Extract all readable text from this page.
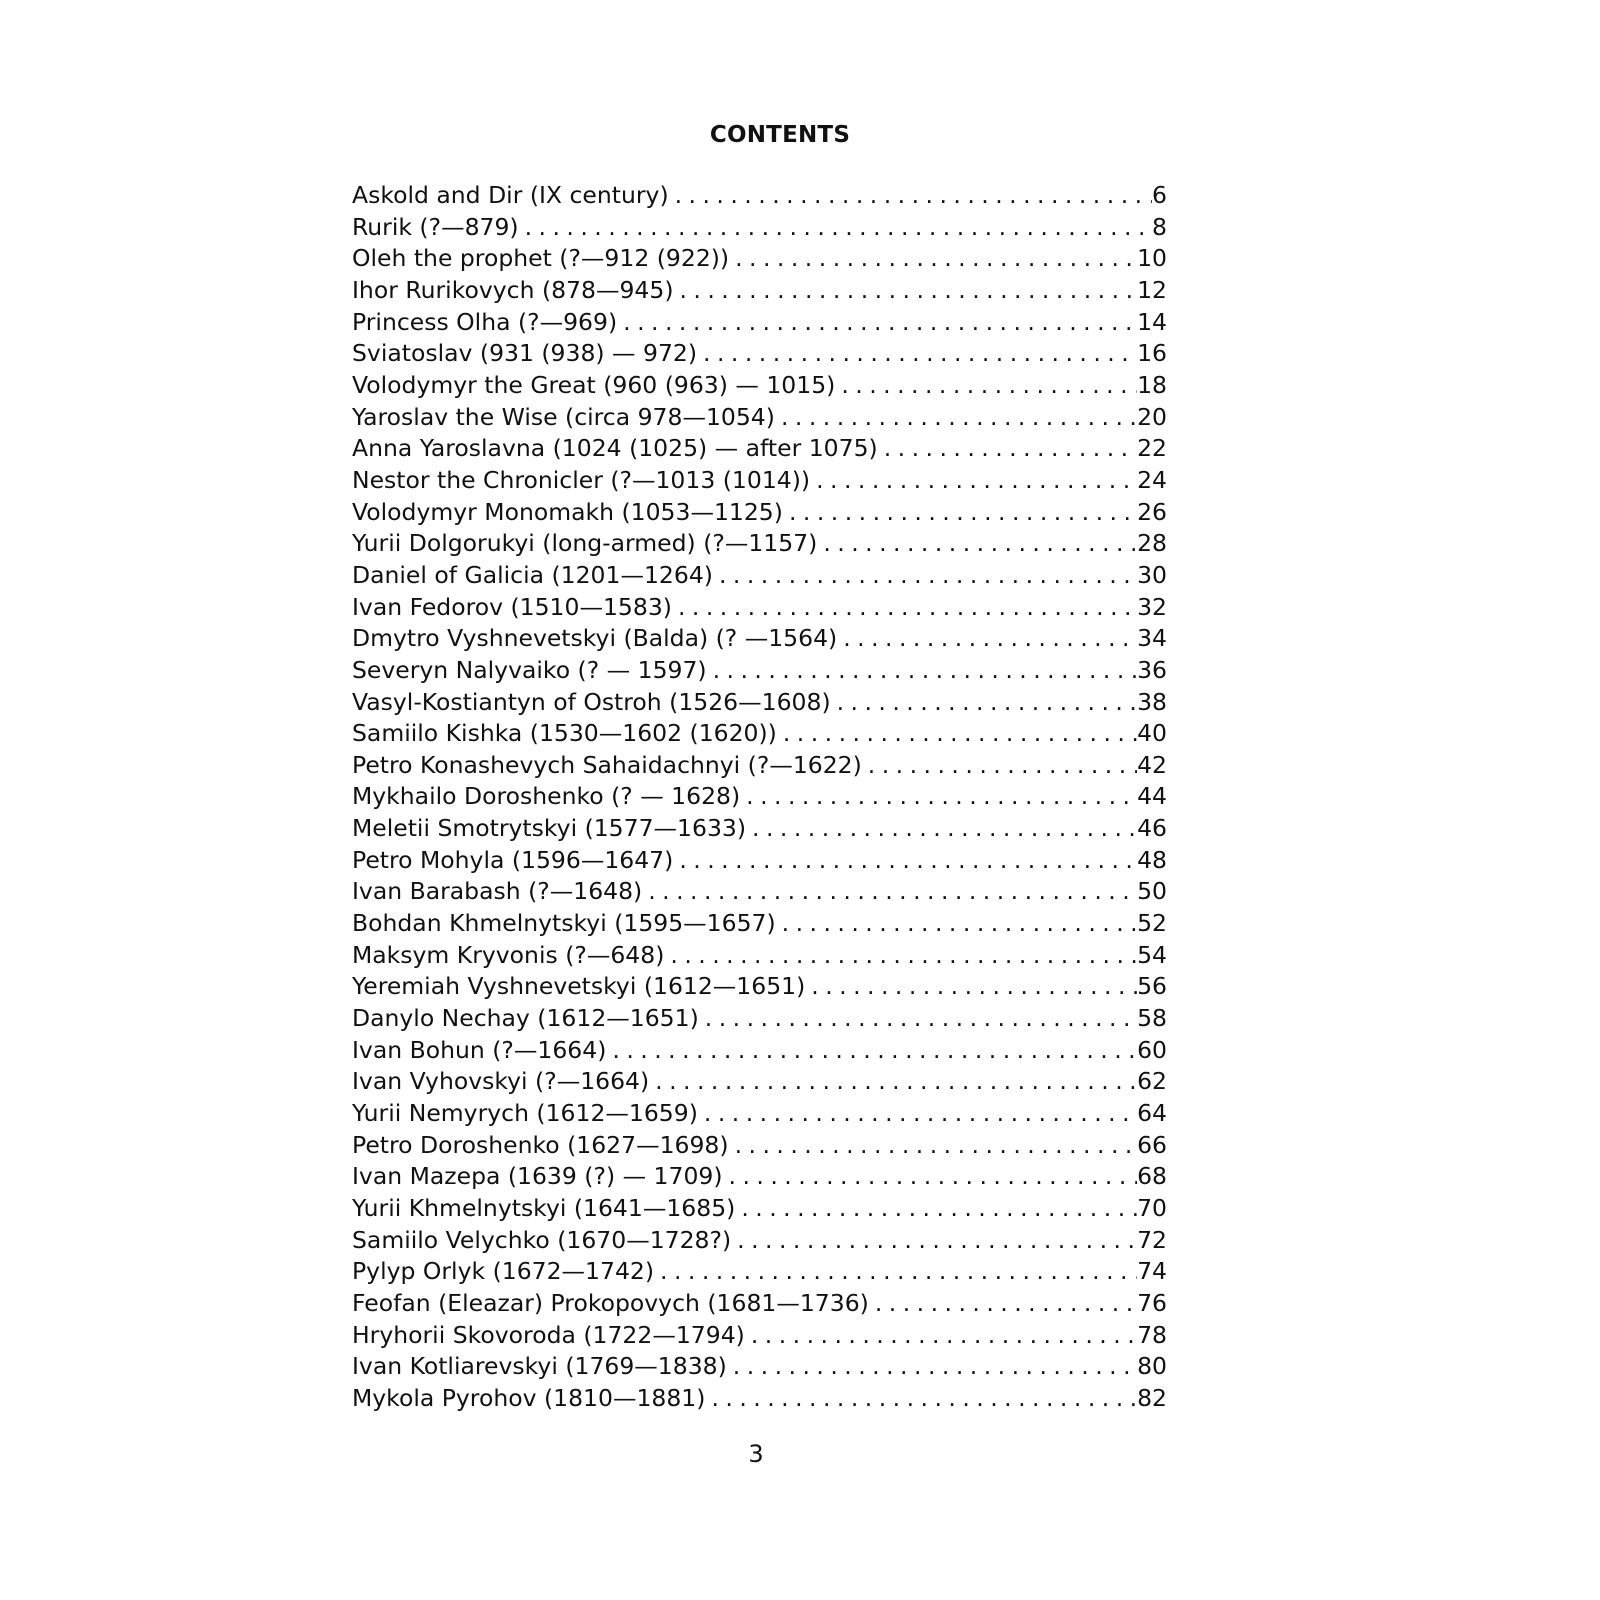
CONTENTS
Askold and Dir (IX century) . . .	6
Rurik (?—879) . . .	8
Oleh the prophet (?—912 (922)) . . .	10
Ihor Rurikovych (878—945) . . .	12
Princess Olha (?—969) . . .	14
Sviatoslav (931 (938) — 972) . . .	16
Volodymyr the Great (960 (963) — 1015) . . .	18
Yaroslav the Wise (circa 978—1054) . . .	20
Anna Yaroslavna (1024 (1025) — after 1075) . . .	22
Nestor the Chronicler (?—1013 (1014)) . . .	24
Volodymyr Monomakh (1053—1125) . . .	26
Yurii Dolgorukyi (long-armed) (?—1157) . . .	28
Daniel of Galicia (1201—1264) . . .	30
Ivan Fedorov (1510—1583) . . .	32
Dmytro Vyshnevetskyi (Balda) (? —1564) . . .	34
Severyn Nalyvaiko (? — 1597) . . .	36
Vasyl-Kostiantyn of Ostroh (1526—1608) . . .	38
Samiilo Kishka (1530—1602 (1620)) . . .	40
Petro Konashevych Sahaidachnyi (?—1622) . . .	42
Mykhailo Doroshenko (? — 1628) . . .	44
Meletii Smotrytskyi (1577—1633) . . .	46
Petro Mohyla (1596—1647) . . .	48
Ivan Barabash (?—1648) . . .	50
Bohdan Khmelnytskyi (1595—1657) . . .	52
Maksym Kryvonis (?—648) . . .	54
Yeremiah Vyshnevetskyi (1612—1651) . . .	56
Danylo Nechay (1612—1651) . . .	58
Ivan Bohun (?—1664) . . .	60
Ivan Vyhovskyi (?—1664) . . .	62
Yurii Nemyrych (1612—1659) . . .	64
Petro Doroshenko (1627—1698) . . .	66
Ivan Mazepa (1639 (?) — 1709) . . .	68
Yurii Khmelnytskyi (1641—1685) . . .	70
Samiilo Velychko (1670—1728?) . . .	72
Pylyp Orlyk (1672—1742) . . .	74
Feofan (Eleazar) Prokopovych (1681—1736) . . .	76
Hryhorii Skovoroda (1722—1794) . . .	78
Ivan Kotliarevskyi (1769—1838) . . .	80
Mykola Pyrohov (1810—1881) . . .	82
3
